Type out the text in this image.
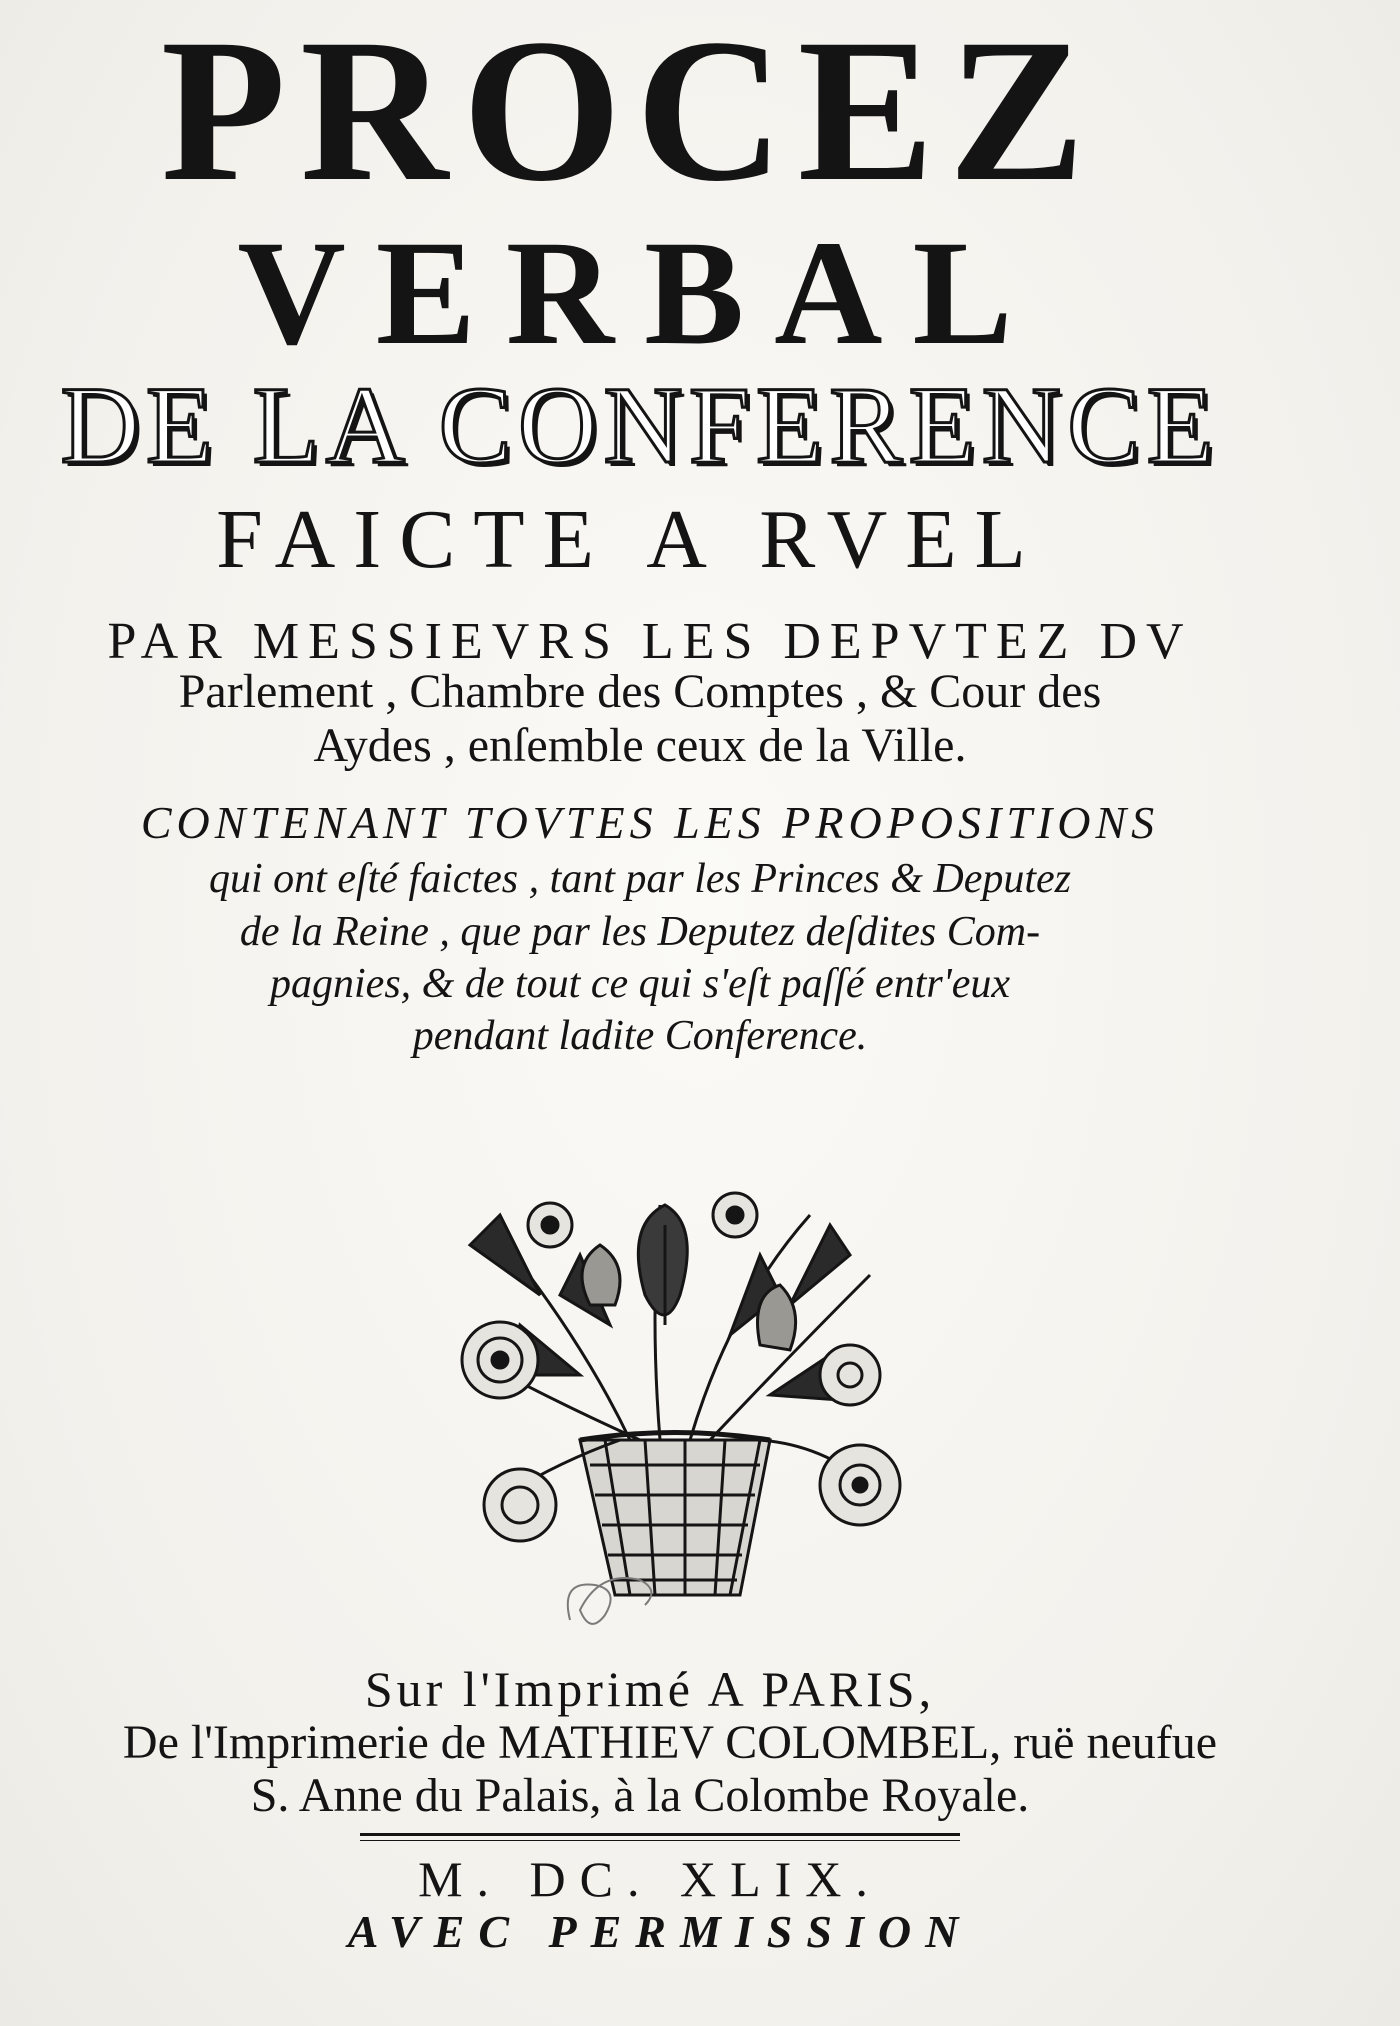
PROCEZ
VERBAL
DE LA CONFERENCE
FAICTE A RVEL
PAR MESSIEVRS LES DEPVTEZ DV
Parlement , Chambre des Comptes , & Cour des
Aydes , enſemble ceux de la Ville.
CONTENANT TOVTES LES PROPOSITIONS
qui ont eſté faictes , tant par les Princes & Deputez
de la Reine , que par les Deputez deſdites Com-
pagnies, & de tout ce qui s'eſt paſſé entr'eux
pendant ladite Conference.
Sur l'Imprimé A PARIS,
De l'Imprimerie de MATHIEV COLOMBEL, ruë neufue
S. Anne du Palais, à la Colombe Royale.
M. DC. XLIX.
AVEC PERMISSION
